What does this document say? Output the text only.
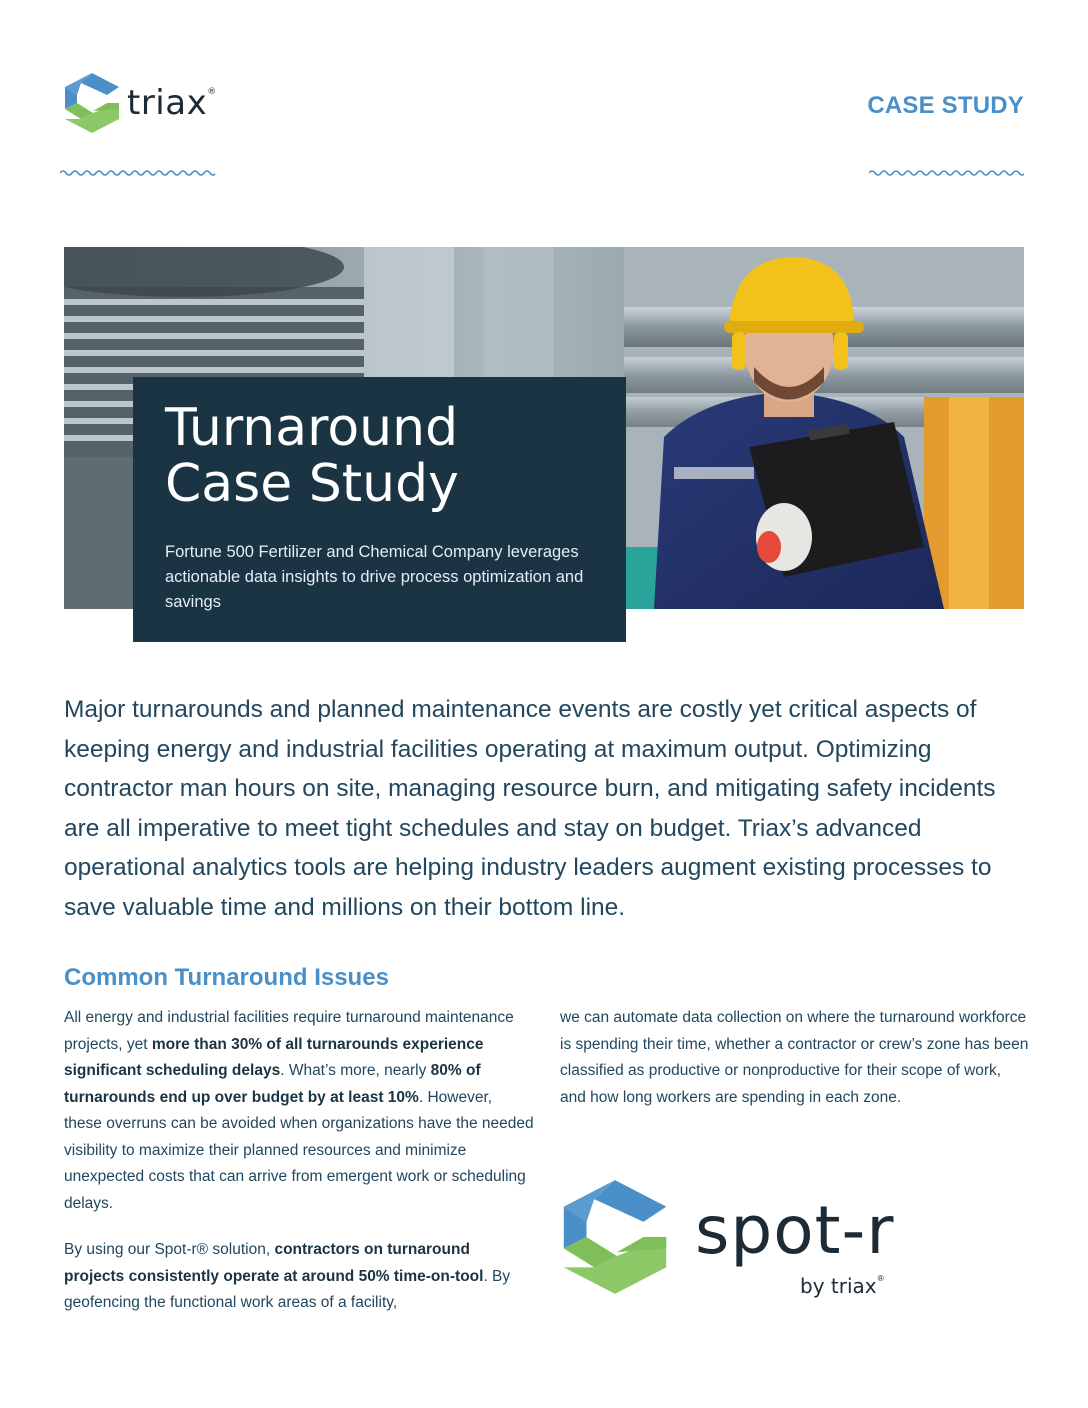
triax®	CASE STUDY
Turnaround
Case Study
Fortune 500 Fertilizer and Chemical Company leverages actionable data insights to drive process optimization and savings
Major turnarounds and planned maintenance events are costly yet critical aspects of keeping energy and industrial facilities operating at maximum output. Optimizing contractor man hours on site, managing resource burn, and mitigating safety incidents are all imperative to meet tight schedules and stay on budget. Triax’s advanced operational analytics tools are helping industry leaders augment existing processes to save valuable time and millions on their bottom line.
Common Turnaround Issues

All energy and industrial facilities require turnaround maintenance projects, yet more than 30% of all turnarounds experience significant scheduling delays. What’s more, nearly 80% of turnarounds end up over budget by at least 10%. However, these overruns can be avoided when organizations have the needed visibility to maximize their planned resources and minimize unexpected costs that can arrive from emergent work or scheduling delays.

By using our Spot-r® solution, contractors on turnaround projects consistently operate at around 50% time-on-tool. By geofencing the functional work areas of a facility,

we can automate data collection on where the turnaround workforce is spending their time, whether a contractor or crew’s zone has been classified as productive or nonproductive for their scope of work, and how long workers are spending in each zone.

spot-r
by triax®
